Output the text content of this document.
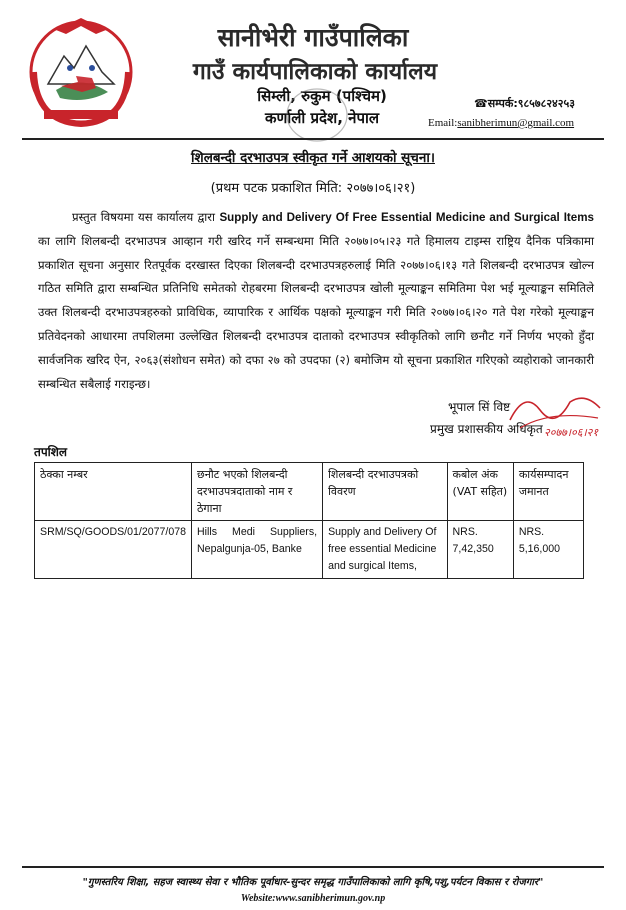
सानीभेरी गाउँपालिका
गाउँ कार्यपालिकाको कार्यालय
सिम्ली, रुकुम (पश्चिम)
कर्णाली प्रदेश, नेपाल
☎सम्पर्क:९८५७८२४२५३
Email:sanibherimun@gmail.com
शिलबन्दी दरभाउपत्र स्वीकृत गर्ने आशयको सूचना।
(प्रथम पटक प्रकाशित मिति: २०७७।०६।२१)
प्रस्तुत विषयमा यस कार्यालय द्वारा Supply and Delivery Of Free Essential Medicine and Surgical Items का लागि शिलबन्दी दरभाउपत्र आव्हान गरी खरिद गर्ने सम्बन्धमा मिति २०७७।०५।२३ गते हिमालय टाइम्स राष्ट्रिय दैनिक पत्रिकामा प्रकाशित सूचना अनुसार रितपूर्वक दरखास्त दिएका शिलबन्दी दरभाउपत्रहरुलाई मिति २०७७।०६।१३ गते शिलबन्दी दरभाउपत्र खोल्न गठित समिति द्वारा सम्बन्धित प्रतिनिधि समेतको रोहबरमा शिलबन्दी दरभाउपत्र खोली मूल्याङ्कन समितिमा पेश भई मूल्याङ्कन समितिले उक्त शिलबन्दी दरभाउपत्रहरुको प्राविधिक, व्यापारिक र आर्थिक पक्षको मूल्याङ्कन गरी मिति २०७७।०६।२० गते पेश गरेको मूल्याङ्कन प्रतिवेदनको आधारमा तपशिलमा उल्लेखित शिलबन्दी दरभाउपत्र दाताको दरभाउपत्र स्वीकृतिको लागि छनौट गर्ने निर्णय भएको हुँदा सार्वजनिक खरिद ऐन, २०६३(संशोधन समेत) को दफा २७ को उपदफा (२) बमोजिम यो सूचना प्रकाशित गरिएको व्यहोराको जानकारी सम्बन्धित सबैलाई गराइन्छ।
भूपाल सिं विष्ट
प्रमुख प्रशासकीय अधिकृत २०७७।०६।२१
तपशिल
ठेक्का नम्बर	छनौट भएको शिलबन्दी दरभाउपत्रदाताको नाम र ठेगाना	शिलबन्दी दरभाउपत्रको विवरण	कबोल अंक (VAT सहित)	कार्यसम्पादन जमानत
SRM/SQ/GOODS/01/2077/078	Hills Medi Suppliers, Nepalgunja-05, Banke	Supply and Delivery Of free essential Medicine and surgical Items,	NRS. 7,42,350	NRS. 5,16,000
"गुणस्तरिय शिक्षा, सहज स्वास्थ्य सेवा र भौतिक पूर्वाधार-सुन्दर समृद्ध गाउँपालिकाको लागि कृषि,पशु,पर्यटन विकास र रोजगार"
Website:www.sanibherimun.gov.np
